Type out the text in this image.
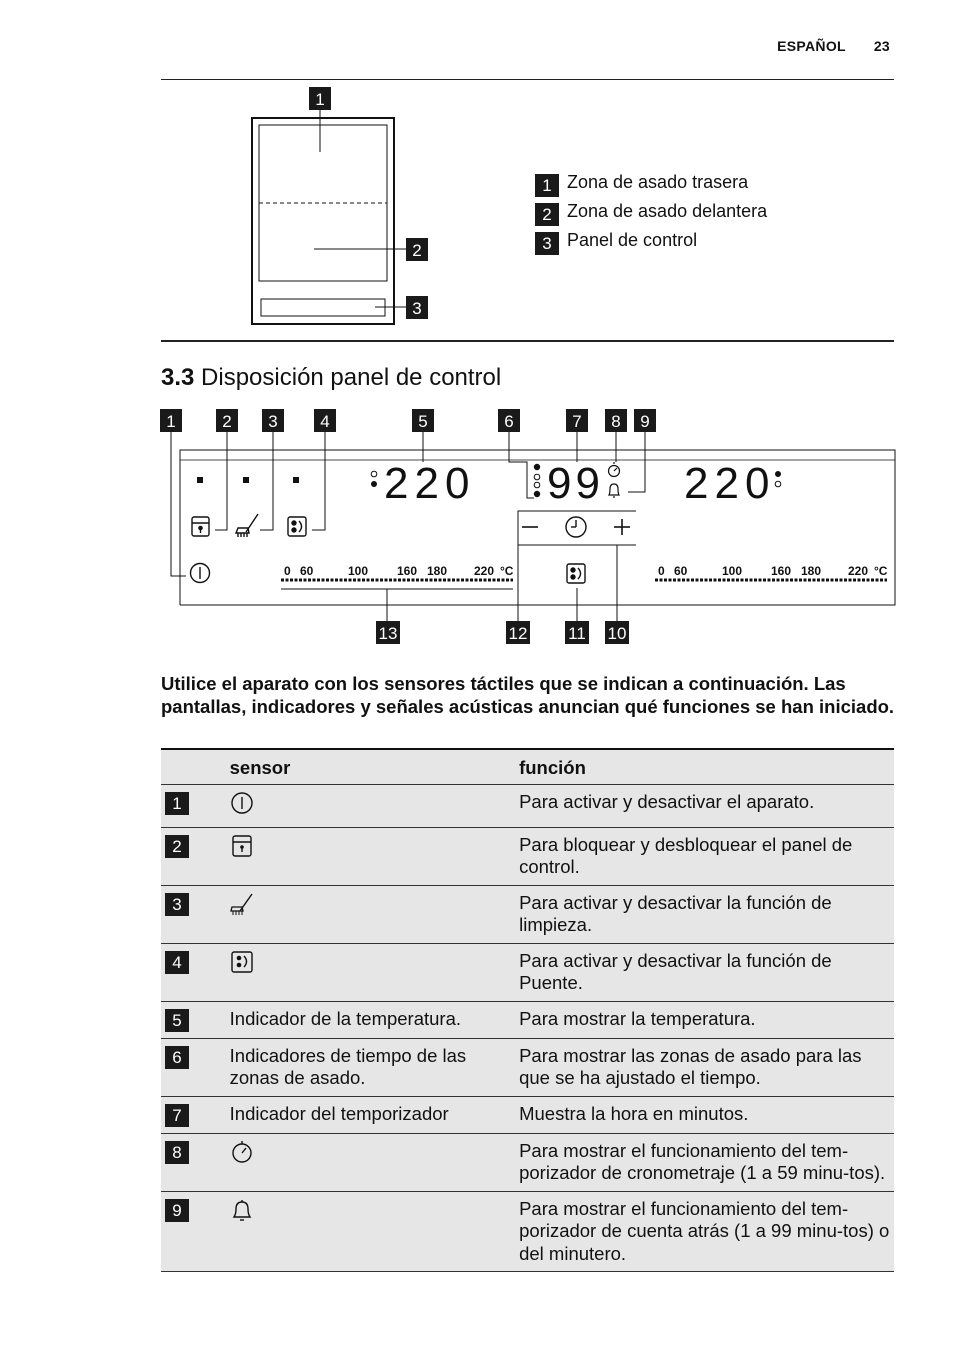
ESPAÑOL 23
1
2
3
1 Zona de asado trasera
2 Zona de asado delantera
3 Panel de control
3.3 Disposición panel de control
1	2 3	4	5	6	7 8 9
220 99 220
0 60	100 160 180 220 °C	0 60	100 160 180 220 °C
13	12 11 10
Utilice el aparato con los sensores táctiles que se indican a continuación. Las pantallas, indicadores y señales acústicas anuncian qué funciones se han iniciado.
	sensor	función
1		Para activar y desactivar el aparato.
2		Para bloquear y desbloquear el panel de control.
3		Para activar y desactivar la función de limpieza.
4		Para activar y desactivar la función de Puente.
5	Indicador de la temperatura.	Para mostrar la temperatura.
6	Indicadores de tiempo de las zonas de asado.	Para mostrar las zonas de asado para las que se ha ajustado el tiempo.
7	Indicador del temporizador	Muestra la hora en minutos.
8		Para mostrar el funcionamiento del tem-porizador de cronometraje (1 a 59 minu-tos).
9		Para mostrar el funcionamiento del tem-porizador de cuenta atrás (1 a 99 minu-tos) o del minutero.
